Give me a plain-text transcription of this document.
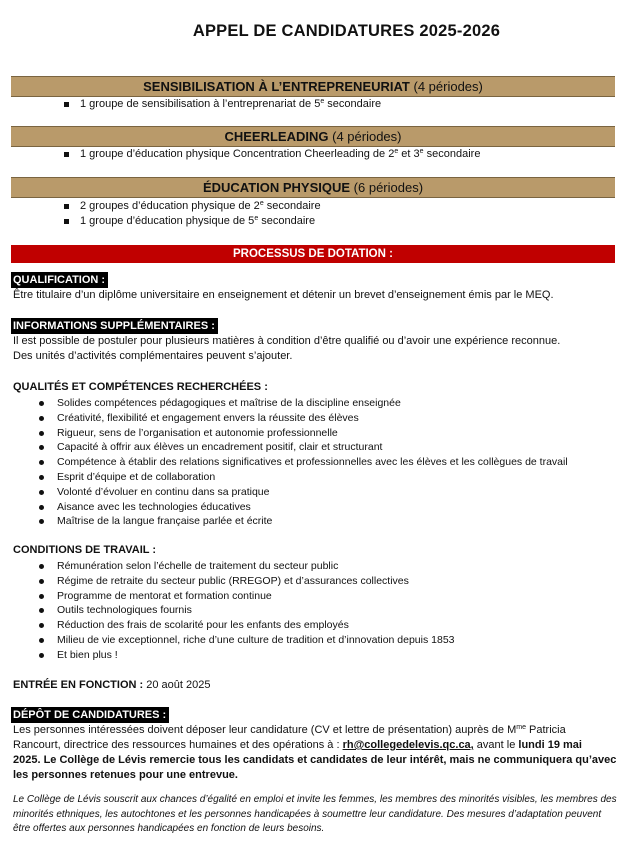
APPEL DE CANDIDATURES 2025-2026
SENSIBILISATION À L’ENTREPRENEURIAT (4 périodes)
1 groupe de sensibilisation à l’entreprenariat de 5e secondaire
CHEERLEADING (4 périodes)
1 groupe d’éducation physique Concentration Cheerleading de 2e et 3e secondaire
ÉDUCATION PHYSIQUE (6 périodes)
2 groupes d’éducation physique de 2e secondaire
1 groupe d’éducation physique de 5e secondaire
PROCESSUS DE DOTATION :
QUALIFICATION :
Être titulaire d’un diplôme universitaire en enseignement et détenir un brevet d’enseignement émis par le MEQ.
INFORMATIONS SUPPLÉMENTAIRES :
Il est possible de postuler pour plusieurs matières à condition d’être qualifié ou d’avoir une expérience reconnue.
Des unités d’activités complémentaires peuvent s’ajouter.
QUALITÉS ET COMPÉTENCES RECHERCHÉES :
Solides compétences pédagogiques et maîtrise de la discipline enseignée
Créativité, flexibilité et engagement envers la réussite des élèves
Rigueur, sens de l’organisation et autonomie professionnelle
Capacité à offrir aux élèves un encadrement positif, clair et structurant
Compétence à établir des relations significatives et professionnelles avec les élèves et les collègues de travail
Esprit d’équipe et de collaboration
Volonté d’évoluer en continu dans sa pratique
Aisance avec les technologies éducatives
Maîtrise de la langue française parlée et écrite
CONDITIONS DE TRAVAIL :
Rémunération selon l’échelle de traitement du secteur public
Régime de retraite du secteur public (RREGOP) et d’assurances collectives
Programme de mentorat et formation continue
Outils technologiques fournis
Réduction des frais de scolarité pour les enfants des employés
Milieu de vie exceptionnel, riche d’une culture de tradition et d’innovation depuis 1853
Et bien plus !
ENTRÉE EN FONCTION : 20 août 2025
DÉPÔT DE CANDIDATURES :
Les personnes intéressées doivent déposer leur candidature (CV et lettre de présentation) auprès de $M^{me}$ Patricia
Rancourt, directrice des ressources humaines et des opérations à : rh@collegedelevis.qc.ca, avant le lundi 19 mai
2025. Le Collège de Lévis remercie tous les candidats et candidates de leur intérêt, mais ne communiquera qu’avec
les personnes retenues pour une entrevue.
Le Collège de Lévis souscrit aux chances d’égalité en emploi et invite les femmes, les membres des minorités visibles, les membres des minorités ethniques, les autochtones et les personnes handicapées à soumettre leur candidature. Des mesures d’adaptation peuvent être offertes aux personnes handicapées en fonction de leurs besoins.
